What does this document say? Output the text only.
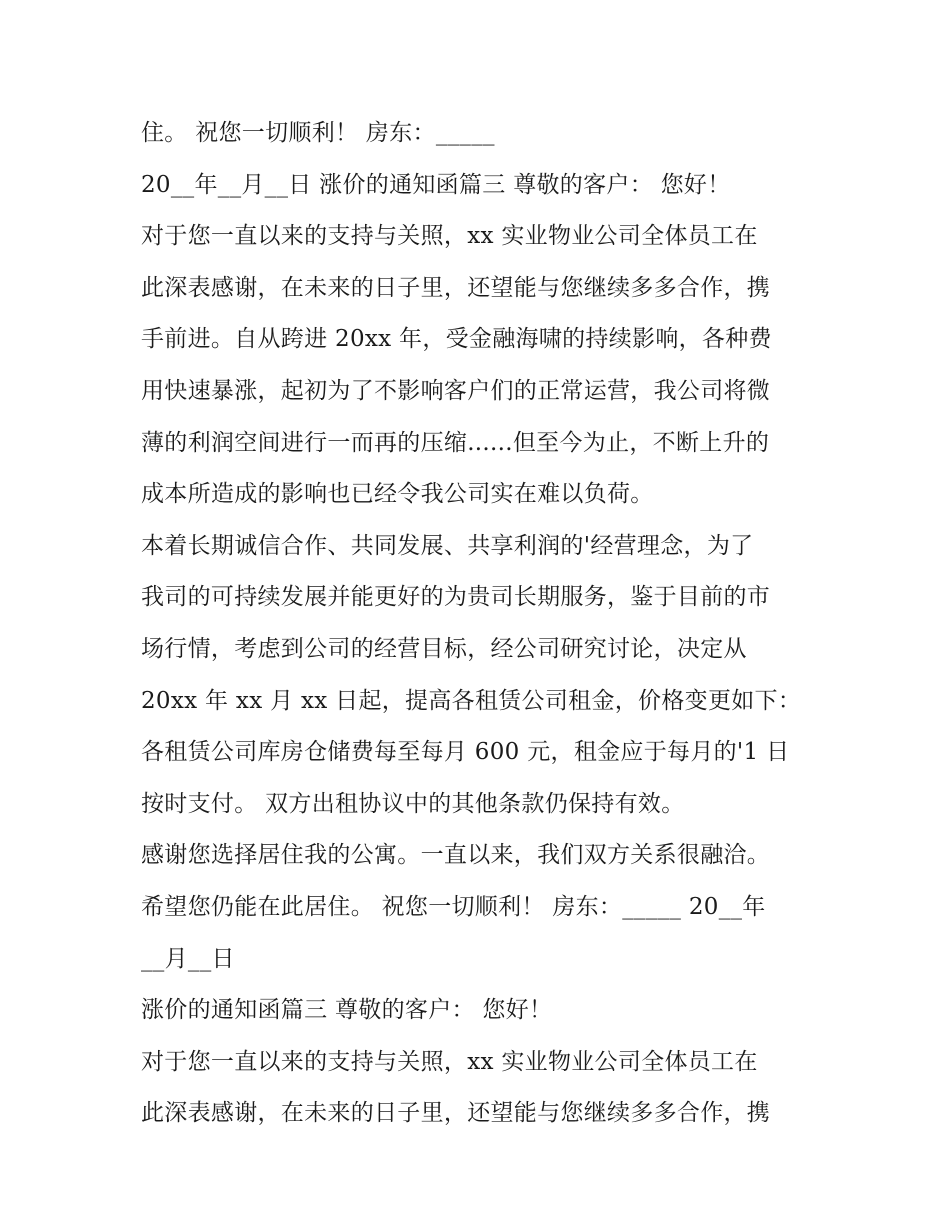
住。 祝您一切顺利！ 房东：_____
20__年__月__日 涨价的通知函篇三 尊敬的客户： 您好！
对于您一直以来的支持与关照，xx 实业物业公司全体员工在
此深表感谢，在未来的日子里，还望能与您继续多多合作，携
手前进。自从跨进 20xx 年，受金融海啸的持续影响，各种费
用快速暴涨，起初为了不影响客户们的正常运营，我公司将微
薄的利润空间进行一而再的压缩......但至今为止，不断上升的
成本所造成的影响也已经令我公司实在难以负荷。
本着长期诚信合作、共同发展、共享利润的'经营理念，为了
我司的可持续发展并能更好的为贵司长期服务，鉴于目前的市
场行情，考虑到公司的经营目标，经公司研究讨论，决定从
20xx 年 xx 月 xx 日起，提高各租赁公司租金，价格变更如下：
各租赁公司库房仓储费每至每月 600 元，租金应于每月的'1 日
按时支付。 双方出租协议中的其他条款仍保持有效。
感谢您选择居住我的公寓。一直以来，我们双方关系很融洽。
希望您仍能在此居住。 祝您一切顺利！ 房东：_____ 20__年
__月__日
涨价的通知函篇三 尊敬的客户： 您好！
对于您一直以来的支持与关照，xx 实业物业公司全体员工在
此深表感谢，在未来的日子里，还望能与您继续多多合作，携
